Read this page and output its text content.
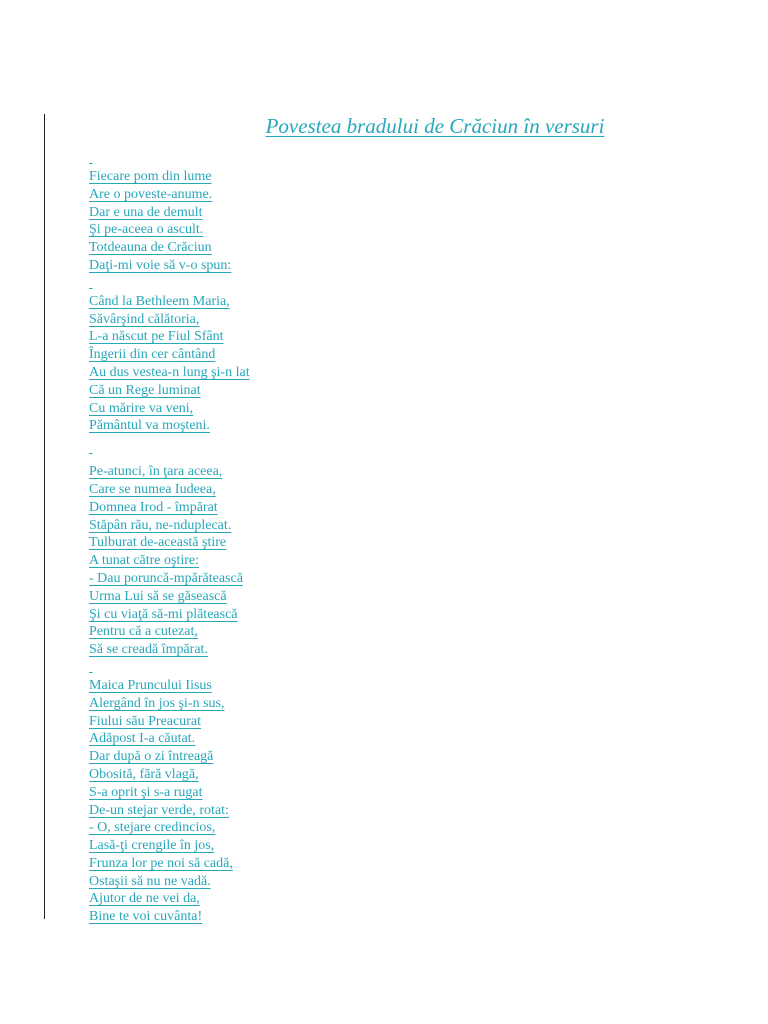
Povestea bradului de Crăciun în versuri

Fiecare pom din lume
Are o poveste-anume.
Dar e una de demult
Şi pe-aceea o ascult.
Totdeauna de Crăciun
Daţi-mi voie să v-o spun:

Când la Bethleem Maria,
Săvârşind călătoria,
L-a născut pe Fiul Sfânt
Îngerii din cer cântând
Au dus vestea-n lung şi-n lat
Că un Rege luminat
Cu mărire va veni,
Pământul va moşteni.

Pe-atunci, în ţara aceea,
Care se numea Iudeea,
Domnea Irod - împărat
Stăpân rău, ne-nduplecat.
Tulburat de-această ştire
A tunat către oştire:
- Dau poruncă-mpărătească
Urma Lui să se găsească
Şi cu viaţă să-mi plătească
Pentru că a cutezat,
Să se creadă împărat.

Maica Pruncului Iisus
Alergând în jos şi-n sus,
Fiului său Preacurat
Adăpost I-a căutat.
Dar după o zi întreagă
Obosită, fără vlagă,
S-a oprit şi s-a rugat
De-un stejar verde, rotat:
- O, stejare credincios,
Lasă-ţi crengile în jos,
Frunza lor pe noi să cadă,
Ostaşii să nu ne vadă.
Ajutor de ne vei da,
Bine te voi cuvânta!
